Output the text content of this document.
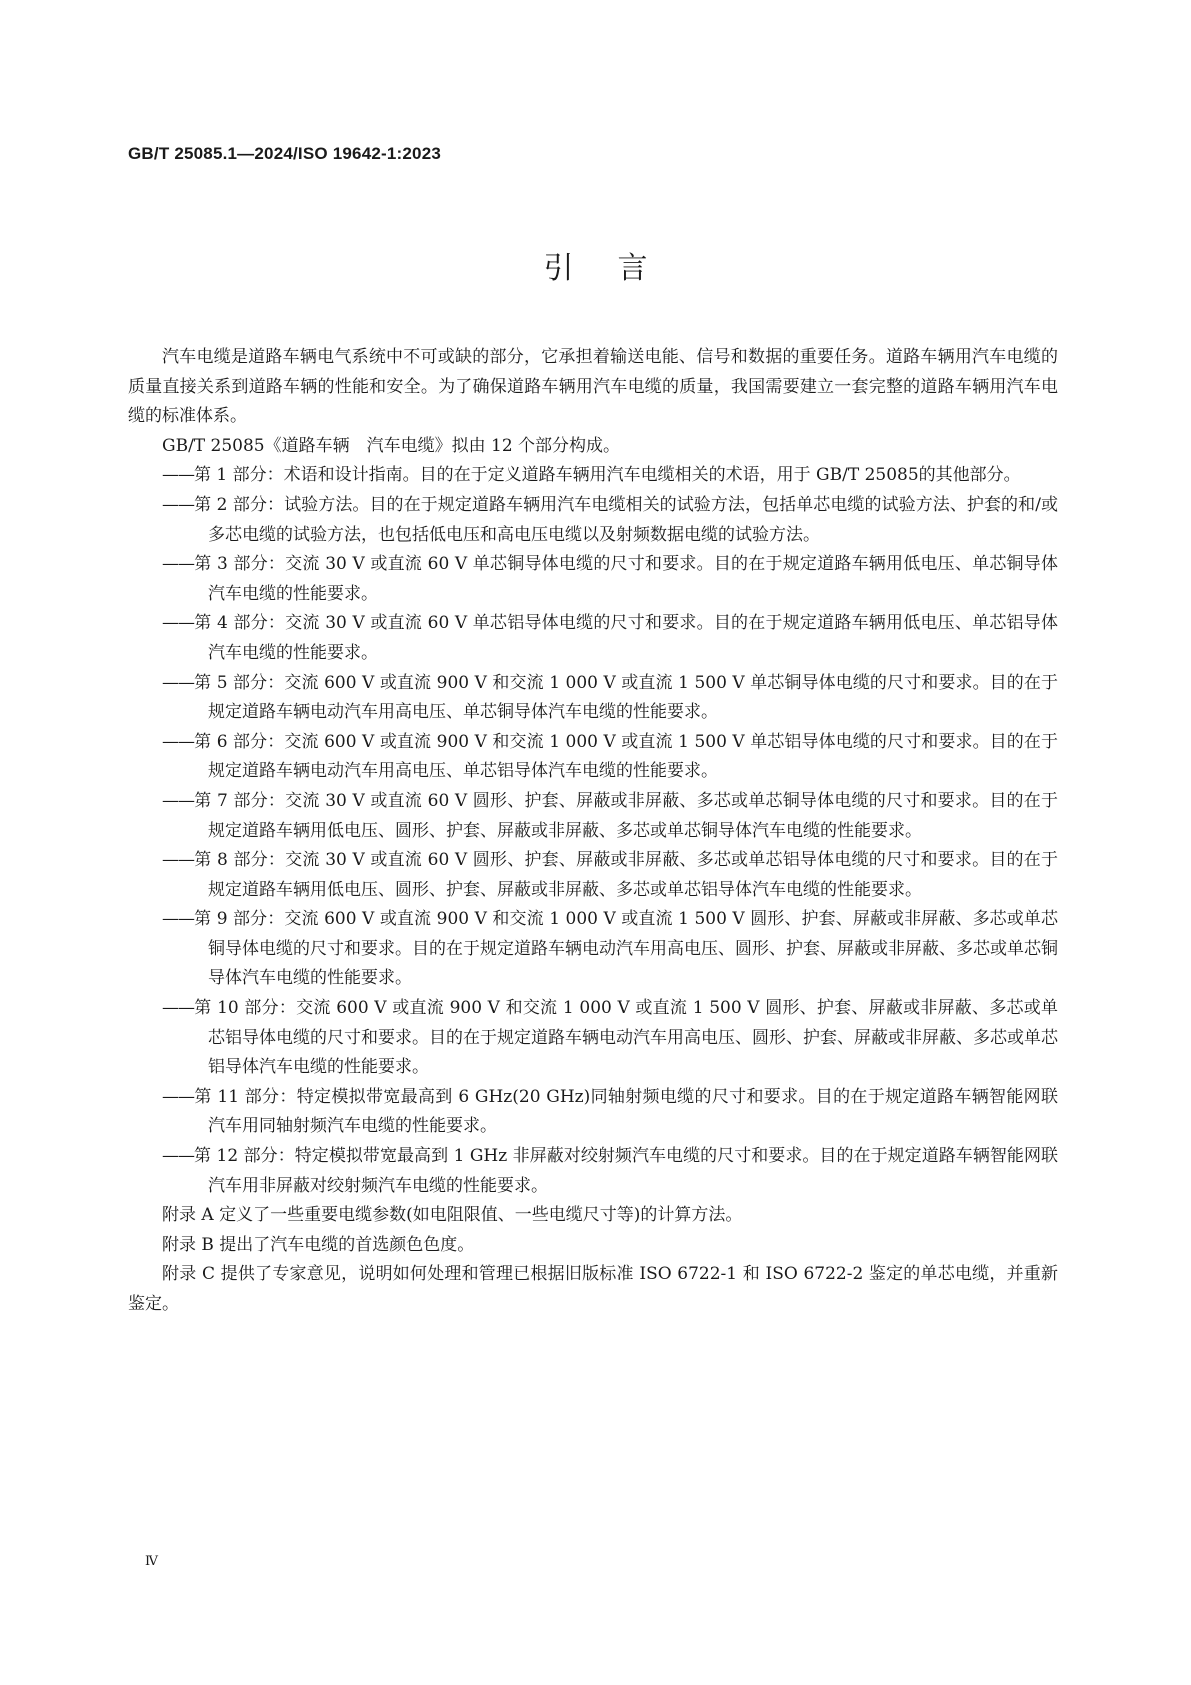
GB/T 25085.1—2024/ISO 19642-1:2023
引言

汽车电缆是道路车辆电气系统中不可或缺的部分，它承担着输送电能、信号和数据的重要任务。道路车辆用汽车电缆的质量直接关系到道路车辆的性能和安全。为了确保道路车辆用汽车电缆的质量，我国需要建立一套完整的道路车辆用汽车电缆的标准体系。

GB/T 25085《道路车辆　汽车电缆》拟由 12 个部分构成。

——第 1 部分：术语和设计指南。目的在于定义道路车辆用汽车电缆相关的术语，用于 GB/T 25085的其他部分。

——第 2 部分：试验方法。目的在于规定道路车辆用汽车电缆相关的试验方法，包括单芯电缆的试验方法、护套的和/或多芯电缆的试验方法，也包括低电压和高电压电缆以及射频数据电缆的试验方法。

——第 3 部分：交流 30 V 或直流 60 V 单芯铜导体电缆的尺寸和要求。目的在于规定道路车辆用低电压、单芯铜导体汽车电缆的性能要求。

——第 4 部分：交流 30 V 或直流 60 V 单芯铝导体电缆的尺寸和要求。目的在于规定道路车辆用低电压、单芯铝导体汽车电缆的性能要求。

——第 5 部分：交流 600 V 或直流 900 V 和交流 1 000 V 或直流 1 500 V 单芯铜导体电缆的尺寸和要求。目的在于规定道路车辆电动汽车用高电压、单芯铜导体汽车电缆的性能要求。

——第 6 部分：交流 600 V 或直流 900 V 和交流 1 000 V 或直流 1 500 V 单芯铝导体电缆的尺寸和要求。目的在于规定道路车辆电动汽车用高电压、单芯铝导体汽车电缆的性能要求。

——第 7 部分：交流 30 V 或直流 60 V 圆形、护套、屏蔽或非屏蔽、多芯或单芯铜导体电缆的尺寸和要求。目的在于规定道路车辆用低电压、圆形、护套、屏蔽或非屏蔽、多芯或单芯铜导体汽车电缆的性能要求。

——第 8 部分：交流 30 V 或直流 60 V 圆形、护套、屏蔽或非屏蔽、多芯或单芯铝导体电缆的尺寸和要求。目的在于规定道路车辆用低电压、圆形、护套、屏蔽或非屏蔽、多芯或单芯铝导体汽车电缆的性能要求。

——第 9 部分：交流 600 V 或直流 900 V 和交流 1 000 V 或直流 1 500 V 圆形、护套、屏蔽或非屏蔽、多芯或单芯铜导体电缆的尺寸和要求。目的在于规定道路车辆电动汽车用高电压、圆形、护套、屏蔽或非屏蔽、多芯或单芯铜导体汽车电缆的性能要求。

——第 10 部分：交流 600 V 或直流 900 V 和交流 1 000 V 或直流 1 500 V 圆形、护套、屏蔽或非屏蔽、多芯或单芯铝导体电缆的尺寸和要求。目的在于规定道路车辆电动汽车用高电压、圆形、护套、屏蔽或非屏蔽、多芯或单芯铝导体汽车电缆的性能要求。

——第 11 部分：特定模拟带宽最高到 6 GHz(20 GHz)同轴射频电缆的尺寸和要求。目的在于规定道路车辆智能网联汽车用同轴射频汽车电缆的性能要求。

——第 12 部分：特定模拟带宽最高到 1 GHz 非屏蔽对绞射频汽车电缆的尺寸和要求。目的在于规定道路车辆智能网联汽车用非屏蔽对绞射频汽车电缆的性能要求。

附录 A 定义了一些重要电缆参数(如电阻限值、一些电缆尺寸等)的计算方法。

附录 B 提出了汽车电缆的首选颜色色度。

附录 C 提供了专家意见，说明如何处理和管理已根据旧版标准 ISO 6722-1 和 ISO 6722-2 鉴定的单芯电缆，并重新鉴定。

Ⅳ
